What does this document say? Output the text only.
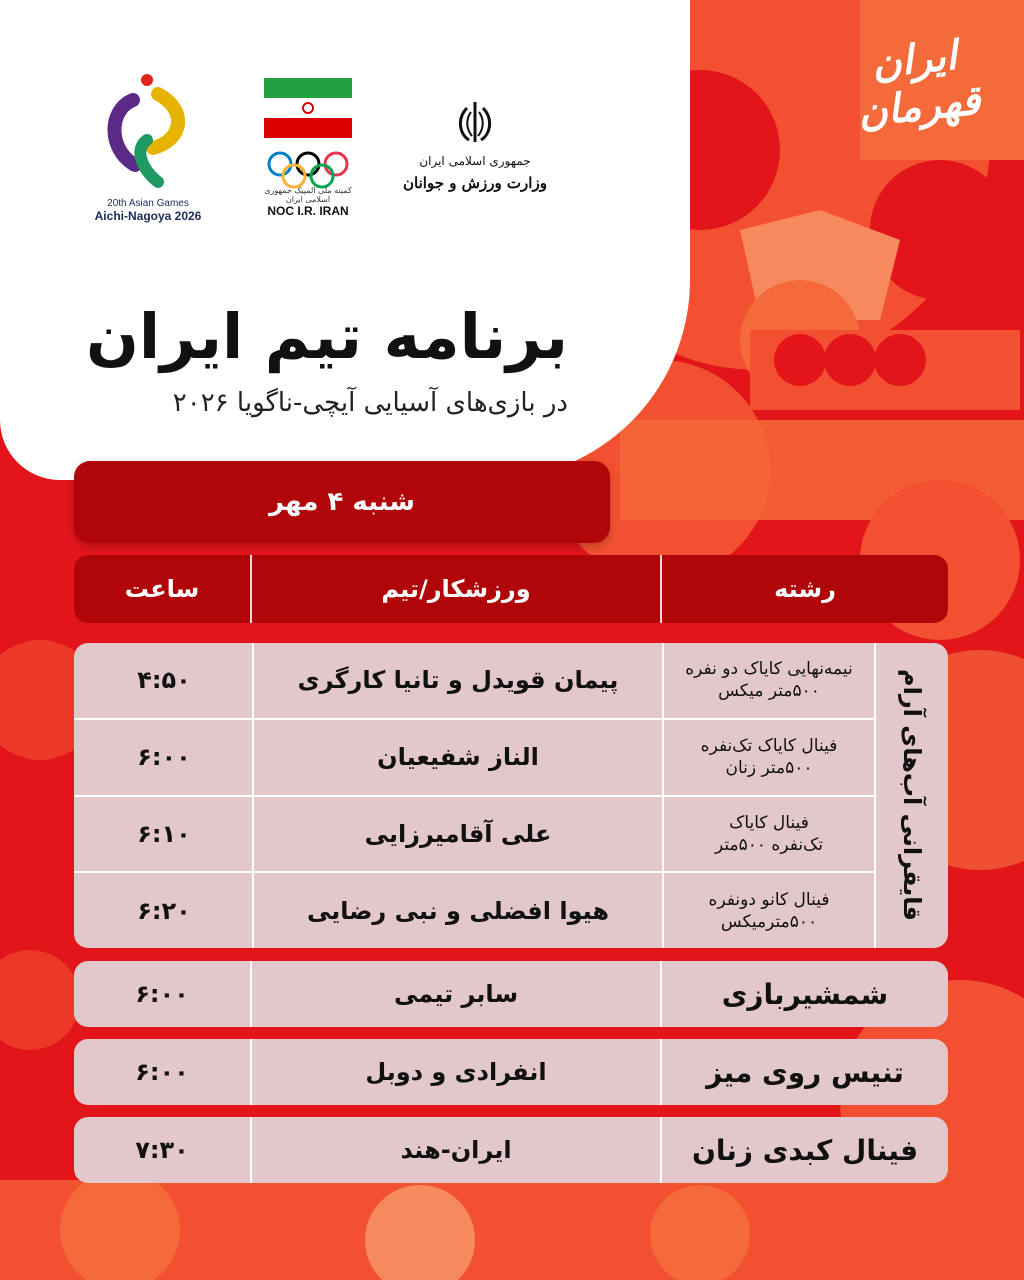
20th Asian Games
Aichi-Nagoya 2026
کمیته ملی المپیک جمهوری اسلامی ایران
NOC I.R. IRAN
جمهوری اسلامی ایران
وزارت ورزش و جوانان
ایران قهرمان
برنامه تیم ایران
در بازی‌های آسیایی آیچی-ناگویا ۲۰۲۶
شنبه ۴ مهر
رشته
ورزشکار/تیم
ساعت
قایقرانی آب‌های آرام
نیمه‌نهایی کایاک دو نفره
۵۰۰متر میکس
پیمان قویدل و تانیا کارگری
۴:۵۰
فینال کایاک تک‌نفره
۵۰۰متر زنان
الناز شفیعیان
۶:۰۰
فینال کایاک
تک‌نفره ۵۰۰متر
علی آقامیرزایی
۶:۱۰
فینال کانو دونفره
۵۰۰مترمیکس
هیوا افضلی و نبی رضایی
۶:۲۰
شمشیربازی
سابر تیمی
۶:۰۰
تنیس روی میز
انفرادی و دوبل
۶:۰۰
فینال کبدی زنان
ایران-هند
۷:۳۰
